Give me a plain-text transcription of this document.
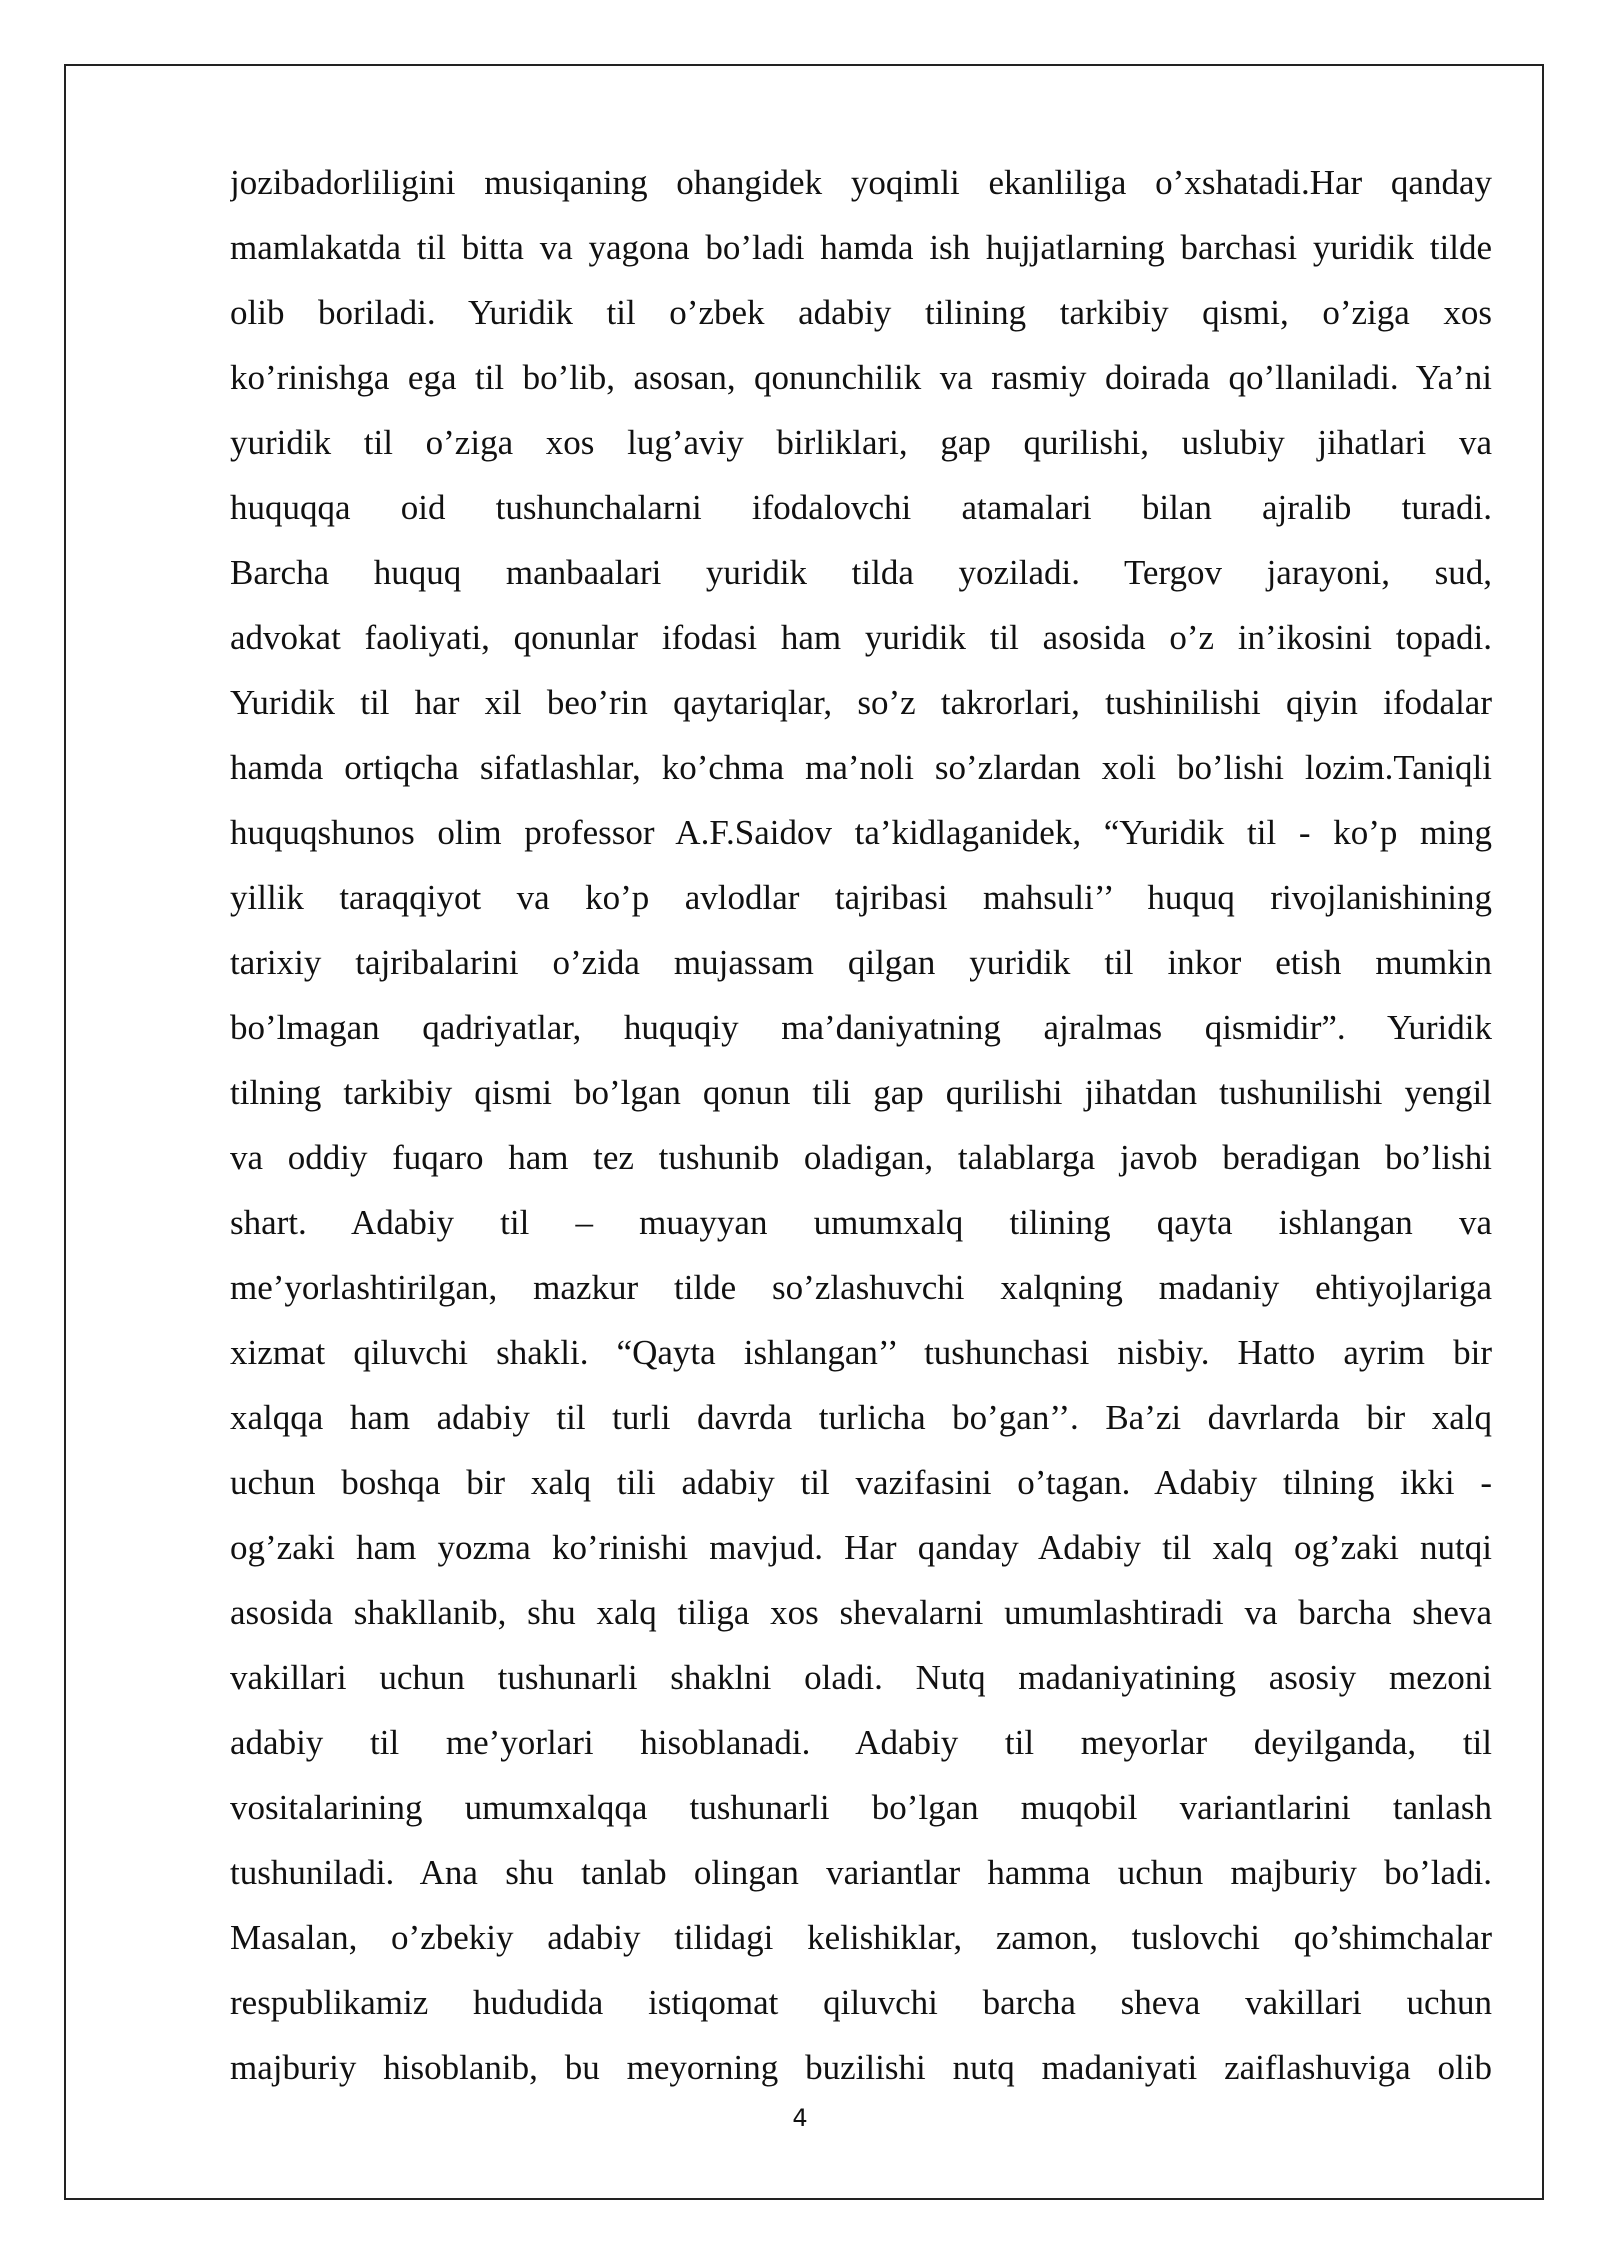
jozibadorliligini musiqaning ohangidek yoqimli ekanliliga o’xshatadi.Har qanday
mamlakatda til bitta va yagona bo’ladi hamda ish hujjatlarning barchasi yuridik tilde
olib boriladi. Yuridik til o’zbek adabiy tilining tarkibiy qismi, o’ziga xos
ko’rinishga ega til bo’lib, asosan, qonunchilik va rasmiy doirada qo’llaniladi. Ya’ni
yuridik til o’ziga xos lug’aviy birliklari, gap qurilishi, uslubiy jihatlari va
huquqqa oid tushunchalarni ifodalovchi atamalari bilan ajralib turadi.
Barcha huquq manbaalari yuridik tilda yoziladi. Tergov jarayoni, sud,
advokat faoliyati, qonunlar ifodasi ham yuridik til asosida o’z in’ikosini topadi.
Yuridik til har xil beo’rin qaytariqlar, so’z takrorlari, tushinilishi qiyin ifodalar
hamda ortiqcha sifatlashlar, ko’chma ma’noli so’zlardan xoli bo’lishi lozim.Taniqli
huquqshunos olim professor A.F.Saidov ta’kidlaganidek, “Yuridik til - ko’p ming
yillik taraqqiyot va ko’p avlodlar tajribasi mahsuli’’ huquq rivojlanishining
tarixiy tajribalarini o’zida mujassam qilgan yuridik til inkor etish mumkin
bo’lmagan qadriyatlar, huquqiy ma’daniyatning ajralmas qismidir”. Yuridik
tilning tarkibiy qismi bo’lgan qonun tili gap qurilishi jihatdan tushunilishi yengil
va oddiy fuqaro ham tez tushunib oladigan, talablarga javob beradigan bo’lishi
shart. Adabiy til – muayyan umumxalq tilining qayta ishlangan va
me’yorlashtirilgan, mazkur tilde so’zlashuvchi xalqning madaniy ehtiyojlariga
xizmat qiluvchi shakli. “Qayta ishlangan’’ tushunchasi nisbiy. Hatto ayrim bir
xalqqa ham adabiy til turli davrda turlicha bo’gan’’. Ba’zi davrlarda bir xalq
uchun boshqa bir xalq tili adabiy til vazifasini o’tagan. Adabiy tilning ikki -
og’zaki ham yozma ko’rinishi mavjud. Har qanday Adabiy til xalq og’zaki nutqi
asosida shakllanib, shu xalq tiliga xos shevalarni umumlashtiradi va barcha sheva
vakillari uchun tushunarli shaklni oladi. Nutq madaniyatining asosiy mezoni
adabiy til me’yorlari hisoblanadi. Adabiy til meyorlar deyilganda, til
vositalarining umumxalqqa tushunarli bo’lgan muqobil variantlarini tanlash
tushuniladi. Ana shu tanlab olingan variantlar hamma uchun majburiy bo’ladi.
Masalan, o’zbekiy adabiy tilidagi kelishiklar, zamon, tuslovchi qo’shimchalar
respublikamiz hududida istiqomat qiluvchi barcha sheva vakillari uchun
majburiy hisoblanib, bu meyorning buzilishi nutq madaniyati zaiflashuviga olib
4
